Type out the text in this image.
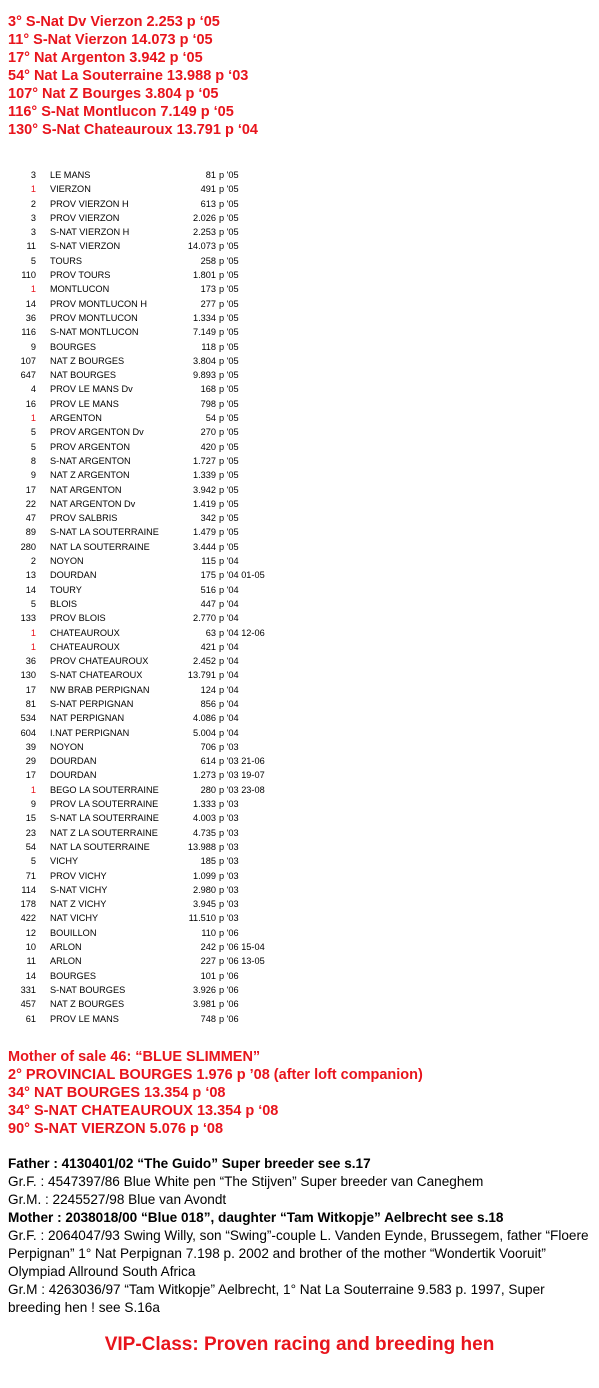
3° S-Nat Dv Vierzon 2.253 p ‘05
11° S-Nat Vierzon 14.073 p ‘05
17° Nat Argenton 3.942 p ‘05
54° Nat La Souterraine 13.988 p ‘03
107° Nat Z Bourges 3.804 p ‘05
116° S-Nat Montlucon 7.149 p ‘05
130° S-Nat Chateauroux 13.791 p ‘04
3 LE MANS	81 p '05
1 VIERZON	491 p '05
2 PROV VIERZON H	613 p '05
3 PROV VIERZON	2.026 p '05
3 S-NAT VIERZON H	2.253 p '05
11 S-NAT VIERZON	14.073 p '05
5 TOURS	258 p '05
110 PROV TOURS	1.801 p '05
1 MONTLUCON	173 p '05
14 PROV MONTLUCON H	277 p '05
36 PROV MONTLUCON	1.334 p '05
116 S-NAT MONTLUCON	7.149 p '05
9 BOURGES	118 p '05
107 NAT Z BOURGES	3.804 p '05
647 NAT BOURGES	9.893 p '05
4 PROV LE MANS Dv	168 p '05
16 PROV LE MANS	798 p '05
1 ARGENTON	54 p '05
5 PROV ARGENTON Dv	270 p '05
5 PROV ARGENTON	420 p '05
8 S-NAT ARGENTON	1.727 p '05
9 NAT Z ARGENTON	1.339 p '05
17 NAT ARGENTON	3.942 p '05
22 NAT ARGENTON Dv	1.419 p '05
47 PROV SALBRIS	342 p '05
89 S-NAT LA SOUTERRAINE	1.479 p '05
280 NAT LA SOUTERRAINE	3.444 p '05
2 NOYON	115 p '04
13 DOURDAN	175 p '04 01-05
14 TOURY	516 p '04
5 BLOIS	447 p '04
133 PROV BLOIS	2.770 p '04
1 CHATEAUROUX	63 p '04 12-06
1 CHATEAUROUX	421 p '04
36 PROV CHATEAUROUX	2.452 p '04
130 S-NAT CHATEAROUX	13.791 p '04
17 NW BRAB PERPIGNAN	124 p '04
81 S-NAT PERPIGNAN	856 p '04
534 NAT PERPIGNAN	4.086 p '04
604 I.NAT PERPIGNAN	5.004 p '04
39 NOYON	706 p '03
29 DOURDAN	614 p '03 21-06
17 DOURDAN	1.273 p '03 19-07
1 BEGO LA SOUTERRAINE	280 p '03 23-08
9 PROV LA SOUTERRAINE	1.333 p '03
15 S-NAT LA SOUTERRAINE	4.003 p '03
23 NAT Z LA SOUTERRAINE	4.735 p '03
54 NAT LA SOUTERRAINE	13.988 p '03
5 VICHY	185 p '03
71 PROV VICHY	1.099 p '03
114 S-NAT VICHY	2.980 p '03
178 NAT Z VICHY	3.945 p '03
422 NAT VICHY	11.510 p '03
12 BOUILLON	110 p '06
10 ARLON	242 p '06 15-04
11 ARLON	227 p '06 13-05
14 BOURGES	101 p '06
331 S-NAT BOURGES	3.926 p '06
457 NAT Z BOURGES	3.981 p '06
61 PROV LE MANS	748 p '06
Mother of sale 46: “BLUE SLIMMEN”
2° PROVINCIAL BOURGES 1.976 p ’08 (after loft companion)
34° NAT BOURGES 13.354 p ‘08
34° S-NAT CHATEAUROUX 13.354 p ‘08
90° S-NAT VIERZON 5.076 p ‘08
Father : 4130401/02 “The Guido” Super breeder see s.17
Gr.F. : 4547397/86 Blue White pen “The Stijven” Super breeder van Caneghem
Gr.M. : 2245527/98 Blue van Avondt
Mother : 2038018/00 “Blue 018”, daughter “Tam Witkopje” Aelbrecht see s.18
Gr.F. : 2064047/93 Swing Willy, son “Swing”-couple L. Vanden Eynde, Brussegem, father “Floere Perpignan” 1° Nat Perpignan 7.198 p. 2002 and brother of the mother “Wondertik Vooruit” Olympiad Allround South Africa
Gr.M : 4263036/97 “Tam Witkopje” Aelbrecht, 1° Nat La Souterraine 9.583 p. 1997, Super breeding hen ! see S.16a
VIP-Class: Proven racing and breeding hen
